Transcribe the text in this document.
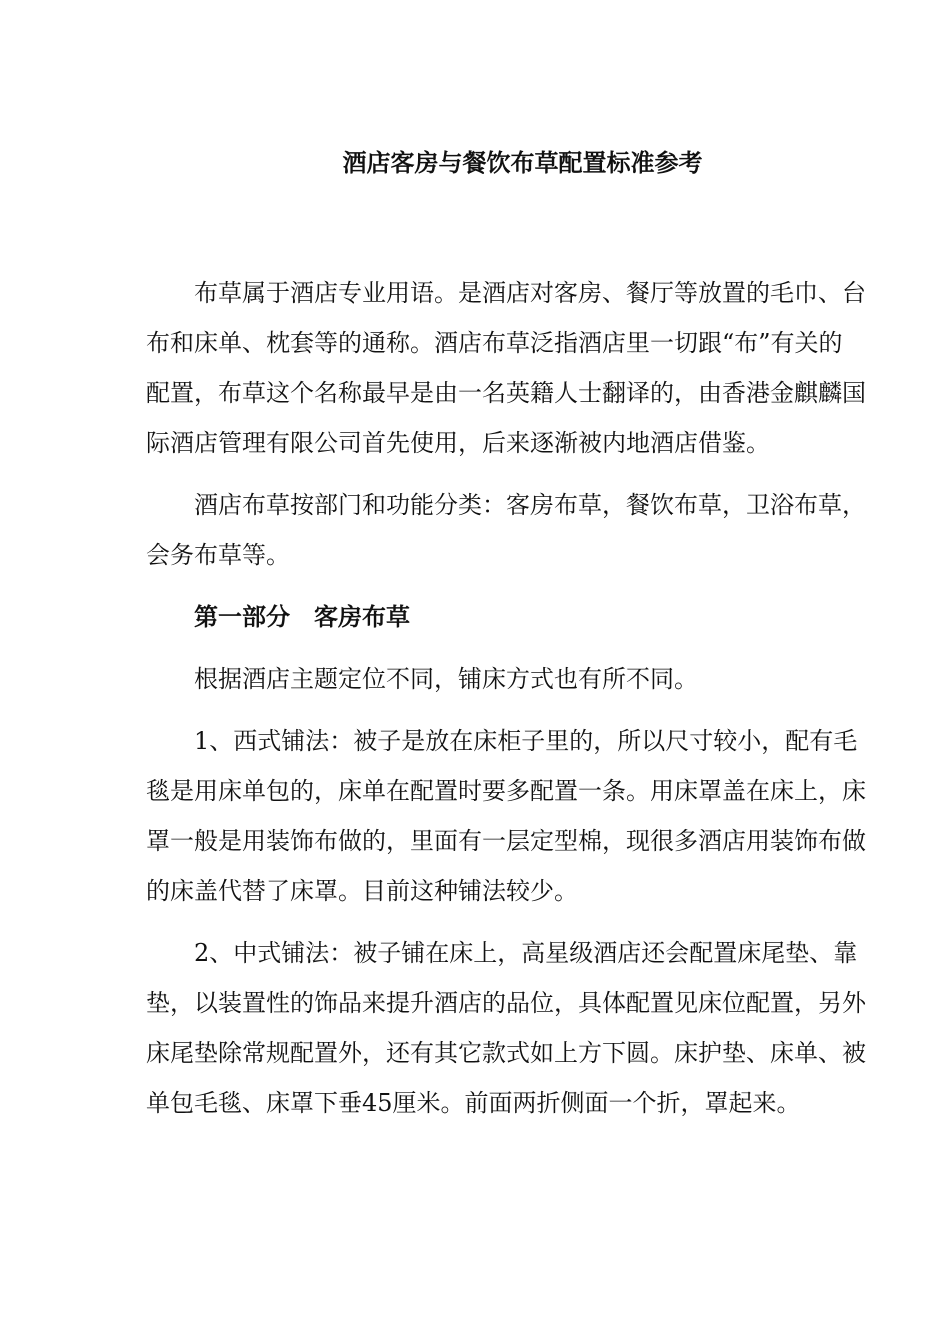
酒店客房与餐饮布草配置标准参考

布草属于酒店专业用语。是酒店对客房、餐厅等放置的毛巾、台布和床单、枕套等的通称。酒店布草泛指酒店里一切跟“布”有关的配置，布草这个名称最早是由一名英籍人士翻译的，由香港金麒麟国际酒店管理有限公司首先使用，后来逐渐被内地酒店借鉴。

酒店布草按部门和功能分类：客房布草，餐饮布草，卫浴布草，会务布草等。

第一部分　客房布草

根据酒店主题定位不同，铺床方式也有所不同。

1、西式铺法：被子是放在床柜子里的，所以尺寸较小，配有毛毯是用床单包的，床单在配置时要多配置一条。用床罩盖在床上，床罩一般是用装饰布做的，里面有一层定型棉，现很多酒店用装饰布做的床盖代替了床罩。目前这种铺法较少。

2、中式铺法：被子铺在床上，高星级酒店还会配置床尾垫、靠垫，以装置性的饰品来提升酒店的品位，具体配置见床位配置，另外床尾垫除常规配置外，还有其它款式如上方下圆。床护垫、床单、被单包毛毯、床罩下垂45厘米。前面两折侧面一个折，罩起来。
